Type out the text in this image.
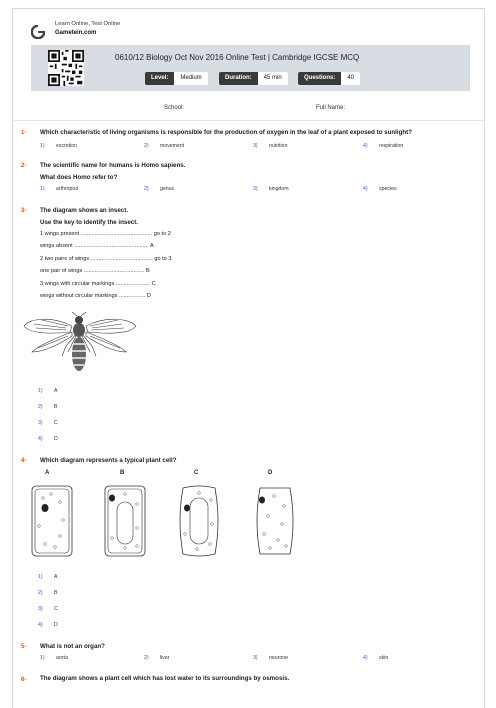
Learn Online, Test Online
Gametein.com
0610/12 Biology Oct Nov 2016 Online Test | Cambridge IGCSE MCQ
Level:	Medium	Duration:	45 min	Questions:	40
School:	Full Name:
1- Which characteristic of living organisms is responsible for the production of oxygen in the leaf of a plant exposed to sunlight?
1) excretion	2) movement	3) nutrition	4) respiration
2- The scientific name for humans is Homo sapiens.
What does Homo refer to?
1) arthropod	2) genus	3) kingdom	4) species
3- The diagram shows an insect.
Use the key to identify the insect.
1 wings present .............................................. go to 2
wings absent ................................................ A
2 two pairs of wings ........................................ go to 3
one pair of wings ....................................... B
3 wings with circular markings ...................... C
wings without circular markings ................. D
1) A
2) B
3) C
4) D
4- Which diagram represents a typical plant cell?
A	B	C	D
1) A
2) B
3) C
4) D
5- What is not an organ?
1) aorta	2) liver	3) neurone	4) skin
6- The diagram shows a plant cell which has lost water to its surroundings by osmosis.
